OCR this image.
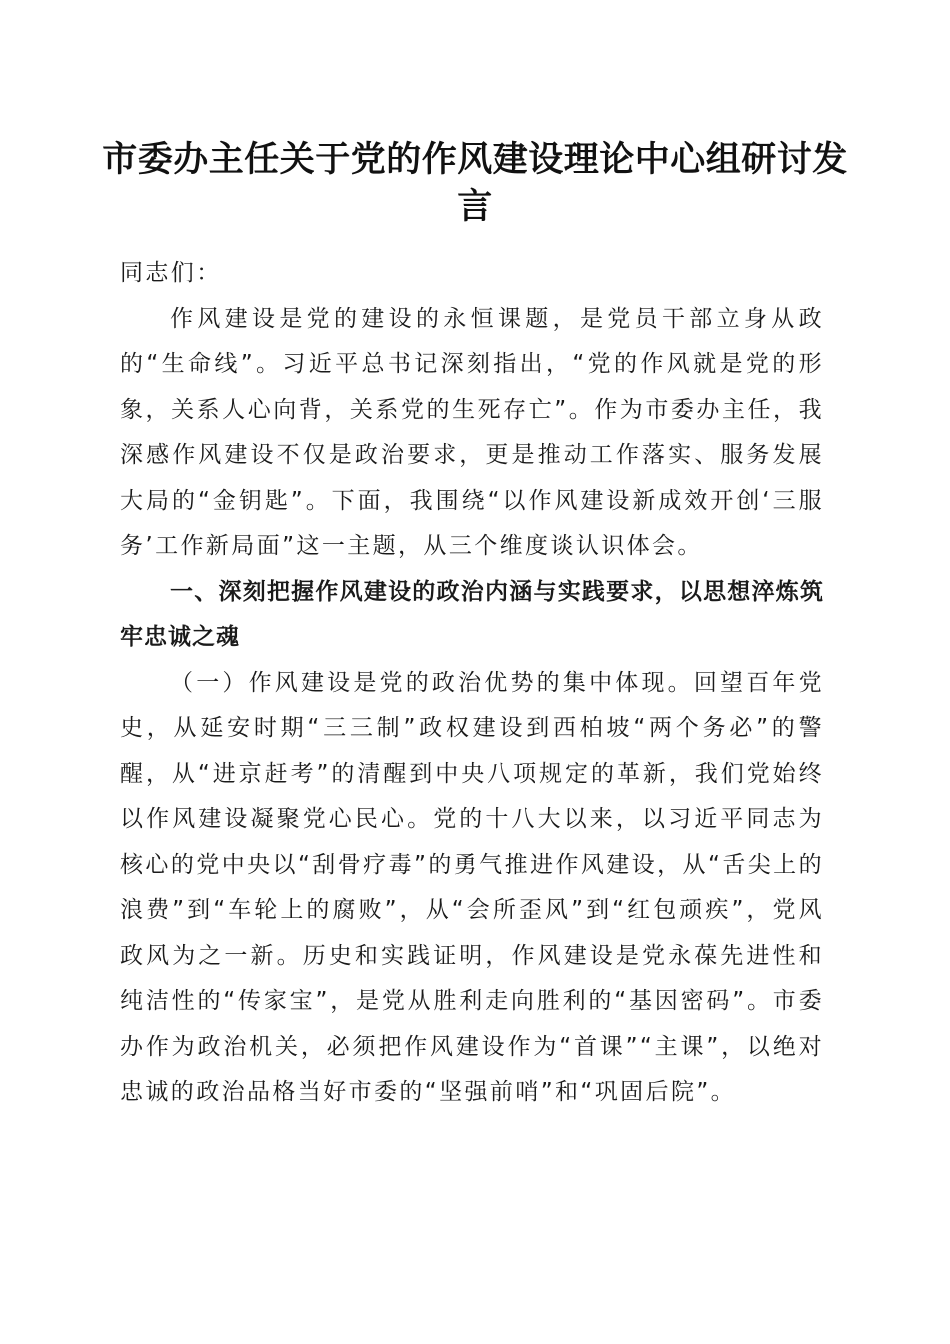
市委办主任关于党的作风建设理论中心组研讨发言

同志们：

作风建设是党的建设的永恒课题，是党员干部立身从政的“生命线”。习近平总书记深刻指出，“党的作风就是党的形象，关系人心向背，关系党的生死存亡”。作为市委办主任，我深感作风建设不仅是政治要求，更是推动工作落实、服务发展大局的“金钥匙”。下面，我围绕“以作风建设新成效开创‘三服务’工作新局面”这一主题，从三个维度谈认识体会。

一、深刻把握作风建设的政治内涵与实践要求，以思想淬炼筑牢忠诚之魂

（一）作风建设是党的政治优势的集中体现。回望百年党史，从延安时期“三三制”政权建设到西柏坡“两个务必”的警醒，从“进京赶考”的清醒到中央八项规定的革新，我们党始终以作风建设凝聚党心民心。党的十八大以来，以习近平同志为核心的党中央以“刮骨疗毒”的勇气推进作风建设，从“舌尖上的浪费”到“车轮上的腐败”，从“会所歪风”到“红包顽疾”，党风政风为之一新。历史和实践证明，作风建设是党永葆先进性和纯洁性的“传家宝”，是党从胜利走向胜利的“基因密码”。市委办作为政治机关，必须把作风建设作为“首课”“主课”，以绝对忠诚的政治品格当好市委的“坚强前哨”和“巩固后院”。
